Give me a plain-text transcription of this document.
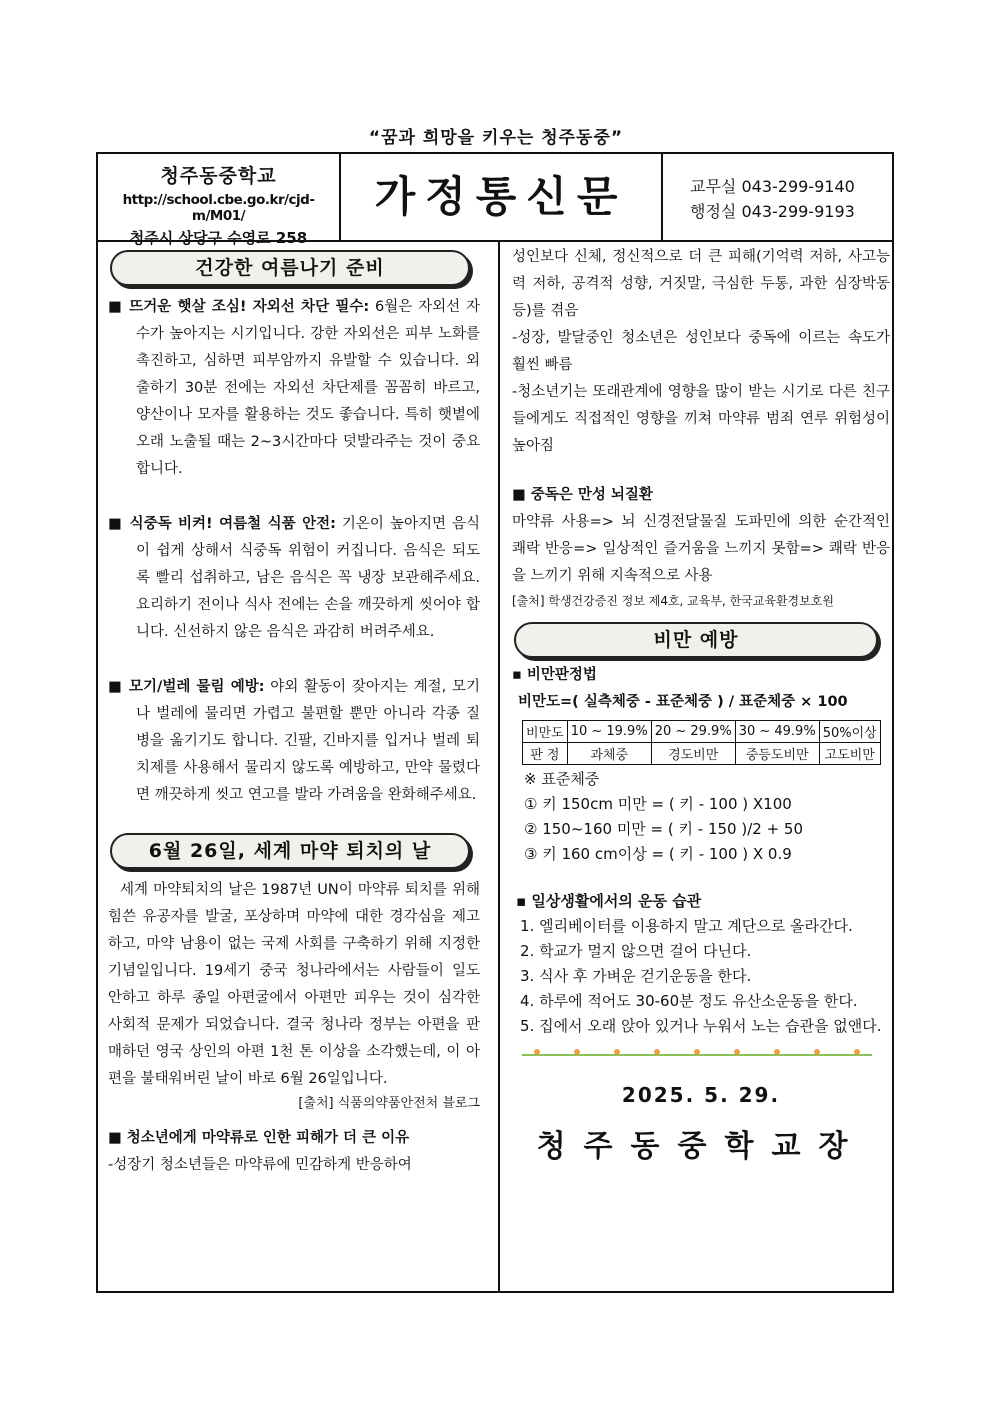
“꿈과 희망을 키우는 청주동중”
청주동중학교
http://school.cbe.go.kr/cjd-m/M01/
청주시 상당구 수영로 258
가정통신문	교무실 043-299-9140
행정실 043-299-9193
건강한 여름나기 준비
■ 뜨거운 햇살 조심! 자외선 차단 필수: 6월은 자외선 자수가 높아지는 시기입니다. 강한 자외선은 피부 노화를 촉진하고, 심하면 피부암까지 유발할 수 있습니다. 외출하기 30분 전에는 자외선 차단제를 꼼꼼히 바르고, 양산이나 모자를 활용하는 것도 좋습니다. 특히 햇볕에 오래 노출될 때는 2~3시간마다 덧발라주는 것이 중요합니다.
■ 식중독 비켜! 여름철 식품 안전: 기온이 높아지면 음식이 쉽게 상해서 식중독 위험이 커집니다. 음식은 되도록 빨리 섭취하고, 남은 음식은 꼭 냉장 보관해주세요. 요리하기 전이나 식사 전에는 손을 깨끗하게 씻어야 합니다. 신선하지 않은 음식은 과감히 버려주세요.
■ 모기/벌레 물림 예방: 야외 활동이 잦아지는 계절, 모기나 벌레에 물리면 가렵고 불편할 뿐만 아니라 각종 질병을 옮기기도 합니다. 긴팔, 긴바지를 입거나 벌레 퇴치제를 사용해서 물리지 않도록 예방하고, 만약 물렸다면 깨끗하게 씻고 연고를 발라 가려움을 완화해주세요.
6월 26일, 세계 마약 퇴치의 날
세계 마약퇴치의 날은 1987년 UN이 마약류 퇴치를 위해 힘쓴 유공자를 발굴, 포상하며 마약에 대한 경각심을 제고하고, 마약 남용이 없는 국제 사회를 구축하기 위해 지정한 기념일입니다. 19세기 중국 청나라에서는 사람들이 일도 안하고 하루 종일 아편굴에서 아편만 피우는 것이 심각한 사회적 문제가 되었습니다. 결국 청나라 정부는 아편을 판매하던 영국 상인의 아편 1천 톤 이상을 소각했는데, 이 아편을 불태워버린 날이 바로 6월 26일입니다.
[출처] 식품의약품안전처 블로그
■ 청소년에게 마약류로 인한 피해가 더 큰 이유
-성장기 청소년들은 마약류에 민감하게 반응하여
성인보다 신체, 정신적으로 더 큰 피해(기억력 저하, 사고능력 저하, 공격적 성향, 거짓말, 극심한 두통, 과한 심장박동 등)를 겪음
-성장, 발달중인 청소년은 성인보다 중독에 이르는 속도가 훨씬 빠름
-청소년기는 또래관계에 영향을 많이 받는 시기로 다른 친구들에게도 직접적인 영향을 끼쳐 마약류 범죄 연루 위험성이 높아짐
■ 중독은 만성 뇌질환
마약류 사용=> 뇌 신경전달물질 도파민에 의한 순간적인 쾌락 반응=> 일상적인 즐거움을 느끼지 못함=> 쾌락 반응을 느끼기 위해 지속적으로 사용
[출처] 학생건강증진 정보 제4호, 교육부, 한국교육환경보호원
비만 예방
▪ 비만판정법
비만도=( 실측체중 - 표준체중 ) / 표준체중 × 100
비만도	10 ~ 19.9%	20 ~ 29.9%	30 ~ 49.9%	50%이상
판 정	과체중	경도비만	중등도비만	고도비만
※ 표준체중
① 키 150cm 미만 = ( 키 - 100 ) X100
② 150~160 미만 = ( 키 - 150 )/2 + 50
③ 키 160 cm이상 = ( 키 - 100 ) X 0.9
▪ 일상생활에서의 운동 습관
1. 엘리베이터를 이용하지 말고 계단으로 올라간다.
2. 학교가 멀지 않으면 걸어 다닌다.
3. 식사 후 가벼운 걷기운동을 한다.
4. 하루에 적어도 30-60분 정도 유산소운동을 한다.
5. 집에서 오래 앉아 있거나 누워서 노는 습관을 없앤다.
2025. 5. 29.
청주동중학교장
